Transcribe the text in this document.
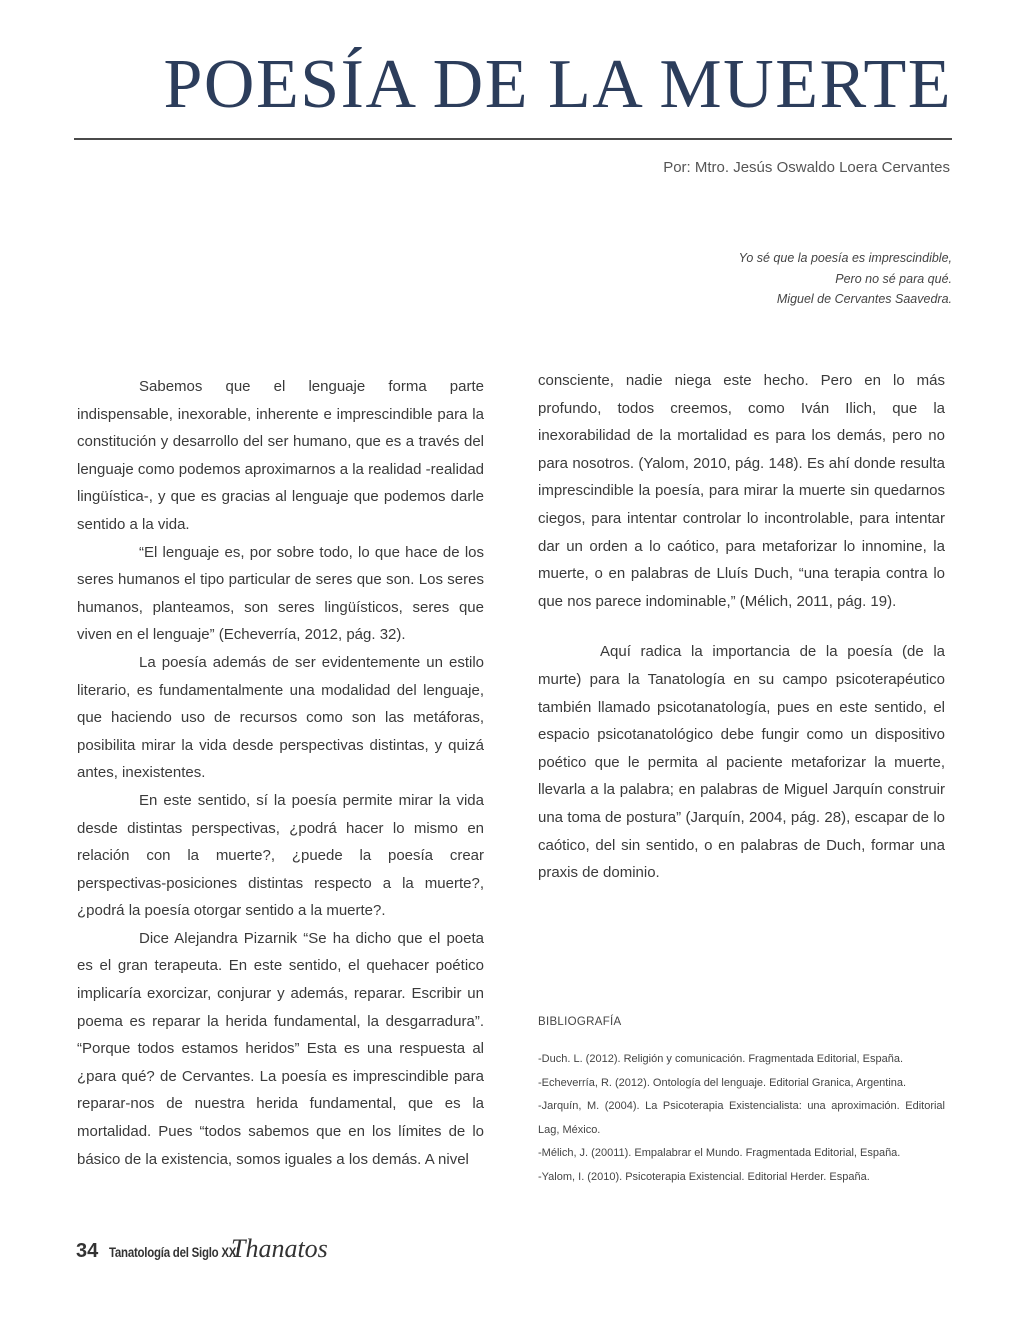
POESÍA DE LA MUERTE
Por: Mtro. Jesús Oswaldo Loera Cervantes
Yo sé que la poesía es imprescindible,
Pero no sé para qué.
Miguel de Cervantes Saavedra.

Sabemos que el lenguaje forma parte indispensable, inexorable, inherente e imprescindible para la constitución y desarrollo del ser humano, que es a través del lenguaje como podemos aproximarnos a la realidad -realidad lingüística-, y que es gracias al lenguaje que podemos darle sentido a la vida.

“El lenguaje es, por sobre todo, lo que hace de los seres humanos el tipo particular de seres que son. Los seres humanos, planteamos, son seres lingüísticos, seres que viven en el lenguaje” (Echeverría, 2012, pág. 32).

La poesía además de ser evidentemente un estilo literario, es fundamentalmente una modalidad del lenguaje, que haciendo uso de recursos como son las metáforas, posibilita mirar la vida desde perspectivas distintas, y quizá antes, inexistentes.

En este sentido, sí la poesía permite mirar la vida desde distintas perspectivas, ¿podrá hacer lo mismo en relación con la muerte?, ¿puede la poesía crear perspectivas-posiciones distintas respecto a la muerte?, ¿podrá la poesía otorgar sentido a la muerte?.

Dice Alejandra Pizarnik “Se ha dicho que el poeta es el gran terapeuta. En este sentido, el quehacer poético implicaría exorcizar, conjurar y además, reparar. Escribir un poema es reparar la herida fundamental, la desgarradura”. “Porque todos estamos heridos” Esta es una respuesta al ¿para qué? de Cervantes. La poesía es imprescindible para reparar-nos de nuestra herida fundamental, que es la mortalidad. Pues “todos sabemos que en los límites de lo básico de la existencia, somos iguales a los demás. A nivel

consciente, nadie niega este hecho. Pero en lo más profundo, todos creemos, como Iván Ilich, que la inexorabilidad de la mortalidad es para los demás, pero no para nosotros. (Yalom, 2010, pág. 148). Es ahí donde resulta imprescindible la poesía, para mirar la muerte sin quedarnos ciegos, para intentar controlar lo incontrolable, para intentar dar un orden a lo caótico, para metaforizar lo innomine, la muerte, o en palabras de Lluís Duch, “una terapia contra lo que nos parece indominable,” (Mélich, 2011, pág. 19).

Aquí radica la importancia de la poesía (de la murte) para la Tanatología en su campo psicoterapéutico también llamado psicotanatología, pues en este sentido, el espacio psicotanatológico debe fungir como un dispositivo poético que le permita al paciente metaforizar la muerte, llevarla a la palabra; en palabras de Miguel Jarquín construir una toma de postura” (Jarquín, 2004, pág. 28), escapar de lo caótico, del sin sentido, o en palabras de Duch, formar una praxis de dominio.

BIBLIOGRAFÍA
-Duch. L. (2012). Religión y comunicación. Fragmentada Editorial, España.
-Echeverría, R. (2012). Ontología del lenguaje. Editorial Granica, Argentina.
-Jarquín, M. (2004). La Psicoterapia Existencialista: una aproximación. Editorial Lag, México.
-Mélich, J. (20011). Empalabrar el Mundo. Fragmentada Editorial, España.
-Yalom, I. (2010). Psicoterapia Existencial. Editorial Herder. España.
34 Tanatología del Siglo XXI
Thanatos
